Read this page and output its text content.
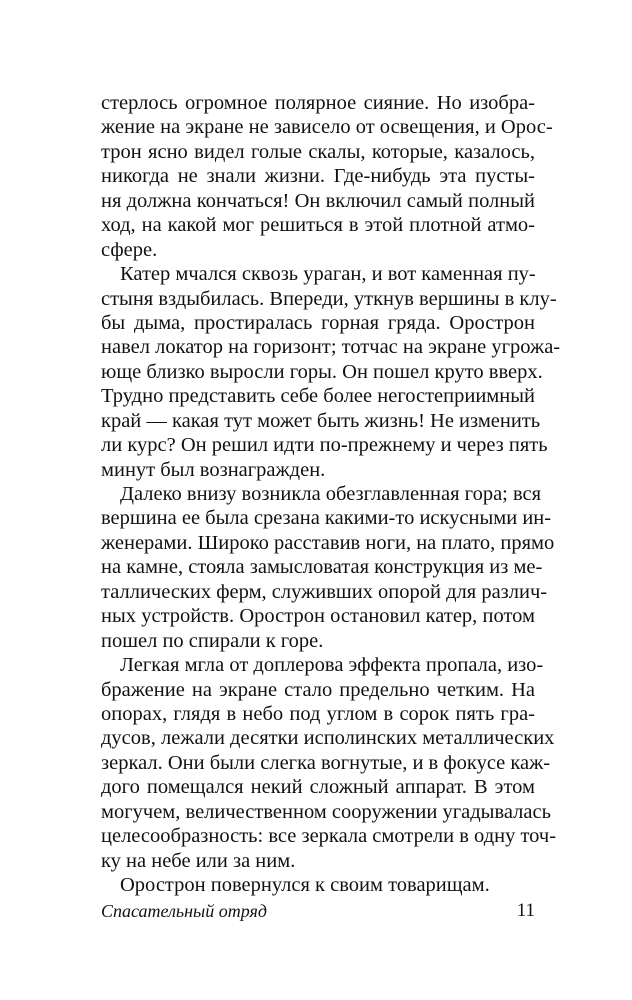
стерлось огромное полярное сияние. Но изобра-
жение на экране не зависело от освещения, и Орос-
трон ясно видел голые скалы, которые, казалось,
никогда не знали жизни. Где-нибудь эта пусты-
ня должна кончаться! Он включил самый полный
ход, на какой мог решиться в этой плотной атмо-
сфере.
Катер мчался сквозь ураган, и вот каменная пу-
стыня вздыбилась. Впереди, уткнув вершины в клу-
бы дыма, простиралась горная гряда. Орострон
навел локатор на горизонт; тотчас на экране угрожа-
юще близко выросли горы. Он пошел круто вверх.
Трудно представить себе более негостеприимный
край — какая тут может быть жизнь! Не изменить
ли курс? Он решил идти по-прежнему и через пять
минут был вознагражден.
Далеко внизу возникла обезглавленная гора; вся
вершина ее была срезана какими-то искусными ин-
женерами. Широко расставив ноги, на плато, прямо
на камне, стояла замысловатая конструкция из ме-
таллических ферм, служивших опорой для различ-
ных устройств. Орострон остановил катер, потом
пошел по спирали к горе.
Легкая мгла от доплерова эффекта пропала, изо-
бражение на экране стало предельно четким. На
опорах, глядя в небо под углом в сорок пять гра-
дусов, лежали десятки исполинских металлических
зеркал. Они были слегка вогнутые, и в фокусе каж-
дого помещался некий сложный аппарат. В этом
могучем, величественном сооружении угадывалась
целесообразность: все зеркала смотрели в одну точ-
ку на небе или за ним.
Орострон повернулся к своим товарищам.
Спасательный отряд	11
